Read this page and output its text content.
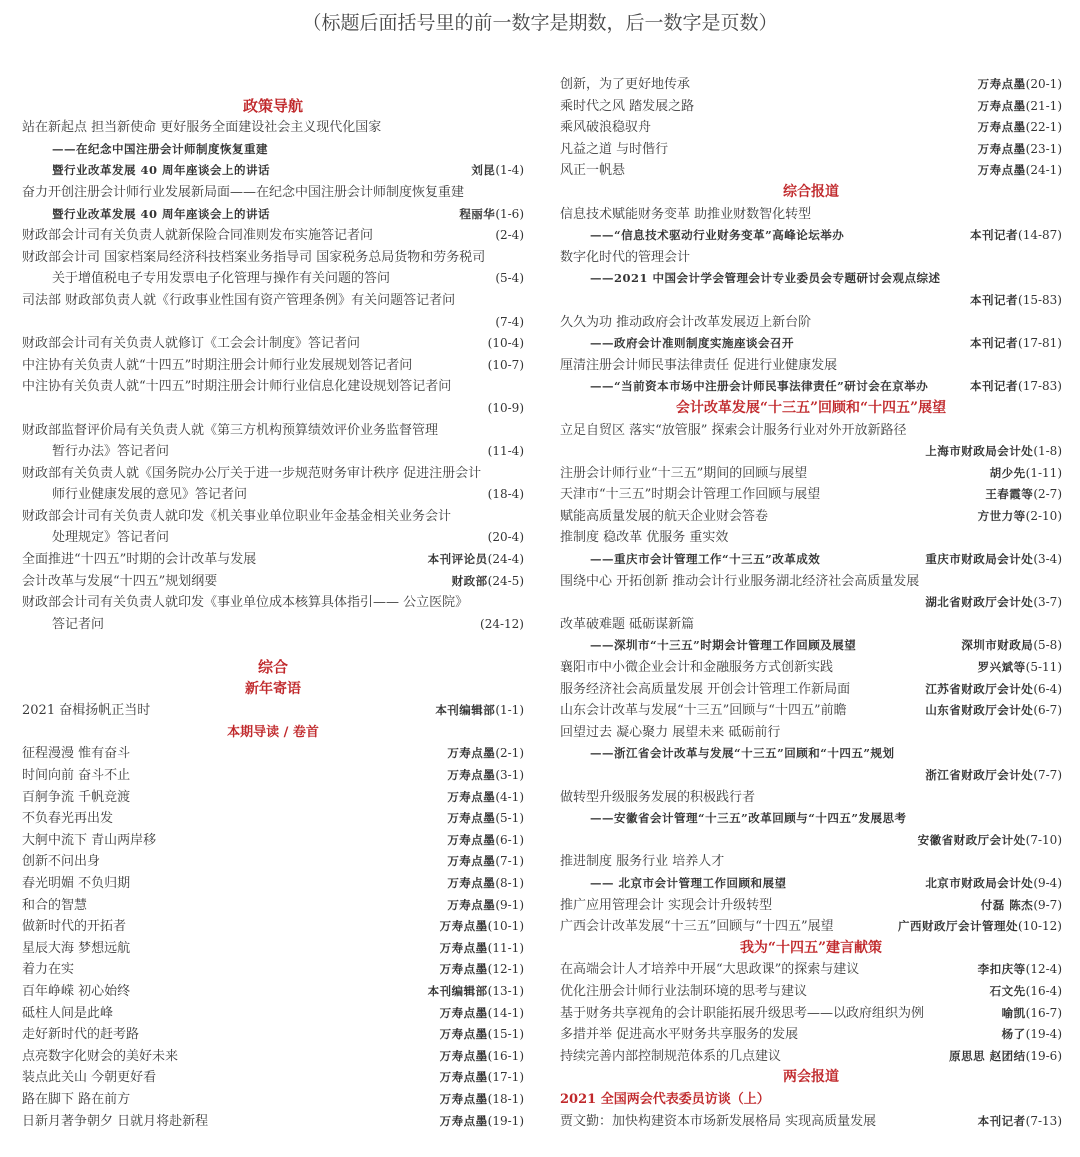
（标题后面括号里的前一数字是期数，后一数字是页数）
政策导航
站在新起点 担当新使命 更好服务全面建设社会主义现代化国家
——在纪念中国注册会计师制度恢复重建
暨行业改革发展 40 周年座谈会上的讲话	刘昆(1-4)
奋力开创注册会计师行业发展新局面——在纪念中国注册会计师制度恢复重建
暨行业改革发展 40 周年座谈会上的讲话	程丽华(1-6)
财政部会计司有关负责人就新保险合同准则发布实施答记者问	(2-4)
财政部会计司 国家档案局经济科技档案业务指导司 国家税务总局货物和劳务税司
关于增值税电子专用发票电子化管理与操作有关问题的答问	(5-4)
司法部 财政部负责人就《行政事业性国有资产管理条例》有关问题答记者问
(7-4)
财政部会计司有关负责人就修订《工会会计制度》答记者问	(10-4)
中注协有关负责人就“十四五”时期注册会计师行业发展规划答记者问	(10-7)
中注协有关负责人就“十四五”时期注册会计师行业信息化建设规划答记者问
(10-9)
财政部监督评价局有关负责人就《第三方机构预算绩效评价业务监督管理
暂行办法》答记者问	(11-4)
财政部有关负责人就《国务院办公厅关于进一步规范财务审计秩序 促进注册会计
师行业健康发展的意见》答记者问	(18-4)
财政部会计司有关负责人就印发《机关事业单位职业年金基金相关业务会计
处理规定》答记者问	(20-4)
全面推进“十四五”时期的会计改革与发展	本刊评论员(24-4)
会计改革与发展“十四五”规划纲要	财政部(24-5)
财政部会计司有关负责人就印发《事业单位成本核算具体指引—— 公立医院》
答记者问	(24-12)
综合
新年寄语
2021 奋楫扬帆正当时	本刊编辑部(1-1)
本期导读 / 卷首
征程漫漫 惟有奋斗	万寿点墨(2-1)
时间向前 奋斗不止	万寿点墨(3-1)
百舸争流 千帆竞渡	万寿点墨(4-1)
不负春光再出发	万寿点墨(5-1)
大舸中流下 青山两岸移	万寿点墨(6-1)
创新不问出身	万寿点墨(7-1)
春光明媚 不负归期	万寿点墨(8-1)
和合的智慧	万寿点墨(9-1)
做新时代的开拓者	万寿点墨(10-1)
星辰大海 梦想远航	万寿点墨(11-1)
着力在实	万寿点墨(12-1)
百年峥嵘 初心始终	本刊编辑部(13-1)
砥柱人间是此峰	万寿点墨(14-1)
走好新时代的赶考路	万寿点墨(15-1)
点亮数字化财会的美好未来	万寿点墨(16-1)
装点此关山 今朝更好看	万寿点墨(17-1)
路在脚下 路在前方	万寿点墨(18-1)
日新月著争朝夕 日就月将赴新程	万寿点墨(19-1)
创新，为了更好地传承	万寿点墨(20-1)
乘时代之风 踏发展之路	万寿点墨(21-1)
乘风破浪稳驭舟	万寿点墨(22-1)
凡益之道 与时偕行	万寿点墨(23-1)
风正一帆悬	万寿点墨(24-1)
综合报道
信息技术赋能财务变革 助推业财数智化转型
——“信息技术驱动行业财务变革”高峰论坛举办	本刊记者(14-87)
数字化时代的管理会计
——2021 中国会计学会管理会计专业委员会专题研讨会观点综述
本刊记者(15-83)
久久为功 推动政府会计改革发展迈上新台阶
——政府会计准则制度实施座谈会召开	本刊记者(17-81)
厘清注册会计师民事法律责任 促进行业健康发展
——“当前资本市场中注册会计师民事法律责任”研讨会在京举办	本刊记者(17-83)
会计改革发展“十三五”回顾和“十四五”展望
立足自贸区 落实“放管服” 探索会计服务行业对外开放新路径
上海市财政局会计处(1-8)
注册会计师行业“十三五”期间的回顾与展望	胡少先(1-11)
天津市“十三五”时期会计管理工作回顾与展望	王春霞等(2-7)
赋能高质量发展的航天企业财会答卷	方世力等(2-10)
推制度 稳改革 优服务 重实效
——重庆市会计管理工作“十三五”改革成效	重庆市财政局会计处(3-4)
围绕中心 开拓创新 推动会计行业服务湖北经济社会高质量发展
湖北省财政厅会计处(3-7)
改革破难题 砥砺谋新篇
——深圳市“十三五”时期会计管理工作回顾及展望	深圳市财政局(5-8)
襄阳市中小微企业会计和金融服务方式创新实践	罗兴斌等(5-11)
服务经济社会高质量发展 开创会计管理工作新局面	江苏省财政厅会计处(6-4)
山东会计改革与发展“十三五”回顾与“十四五”前瞻	山东省财政厅会计处(6-7)
回望过去 凝心聚力 展望未来 砥砺前行
——浙江省会计改革与发展“十三五”回顾和“十四五”规划
浙江省财政厅会计处(7-7)
做转型升级服务发展的积极践行者
——安徽省会计管理“十三五”改革回顾与“十四五”发展思考
安徽省财政厅会计处(7-10)
推进制度 服务行业 培养人才
—— 北京市会计管理工作回顾和展望	北京市财政局会计处(9-4)
推广应用管理会计 实现会计升级转型	付磊 陈杰(9-7)
广西会计改革发展“十三五”回顾与“十四五”展望	广西财政厅会计管理处(10-12)
我为“十四五”建言献策
在高端会计人才培养中开展“大思政课”的探索与建议	李扣庆等(12-4)
优化注册会计师行业法制环境的思考与建议	石文先(16-4)
基于财务共享视角的会计职能拓展升级思考——以政府组织为例	喻凯(16-7)
多措并举 促进高水平财务共享服务的发展	杨了(19-4)
持续完善内部控制规范体系的几点建议	原思思 赵团结(19-6)
两会报道
2021 全国两会代表委员访谈（上）
贾文勤：加快构建资本市场新发展格局 实现高质量发展	本刊记者(7-13)
